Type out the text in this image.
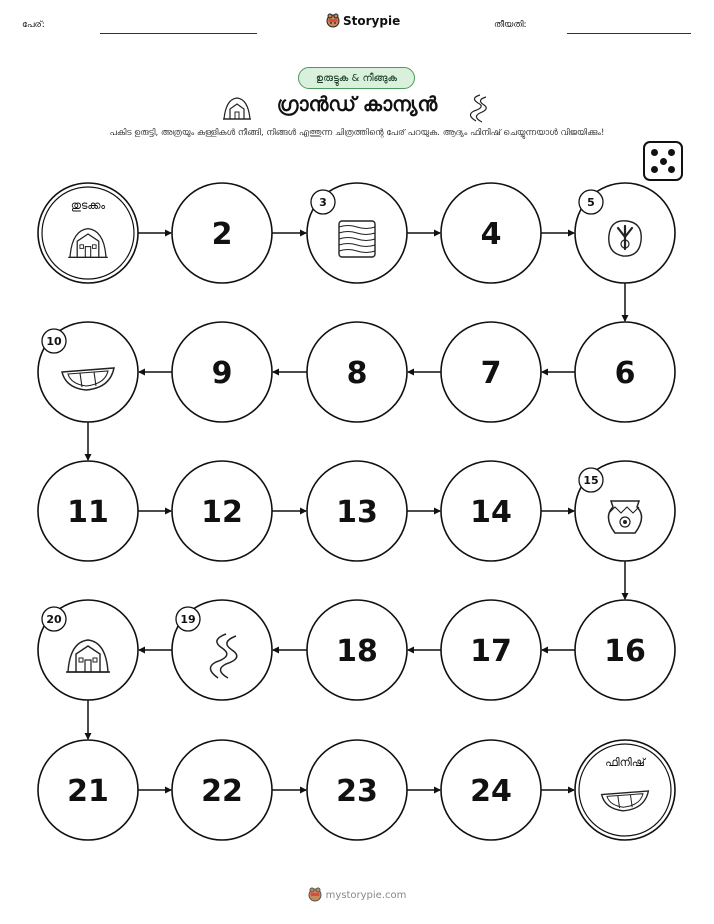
പേര്:	Storypie	തീയതി:
ഉരുട്ടുക & നീങ്ങുക
ഗ്രാൻഡ് കാന്യൻ
പകിട ഉരുട്ടി, അത്രയും കള്ളികൾ നീങ്ങി, നിങ്ങൾ എത്തുന്ന ചിത്രത്തിന്റെ പേര് പറയുക. ആദ്യം ഫിനിഷ് ചെയ്യുന്നയാൾ വിജയിക്കും!
തുടക്കം
2
3
4
5
6
7
8
9
10
11	12	13	14
15
16
17
18
19
20
21	22	23	24
ഫിനിഷ്
mystorypie.com
